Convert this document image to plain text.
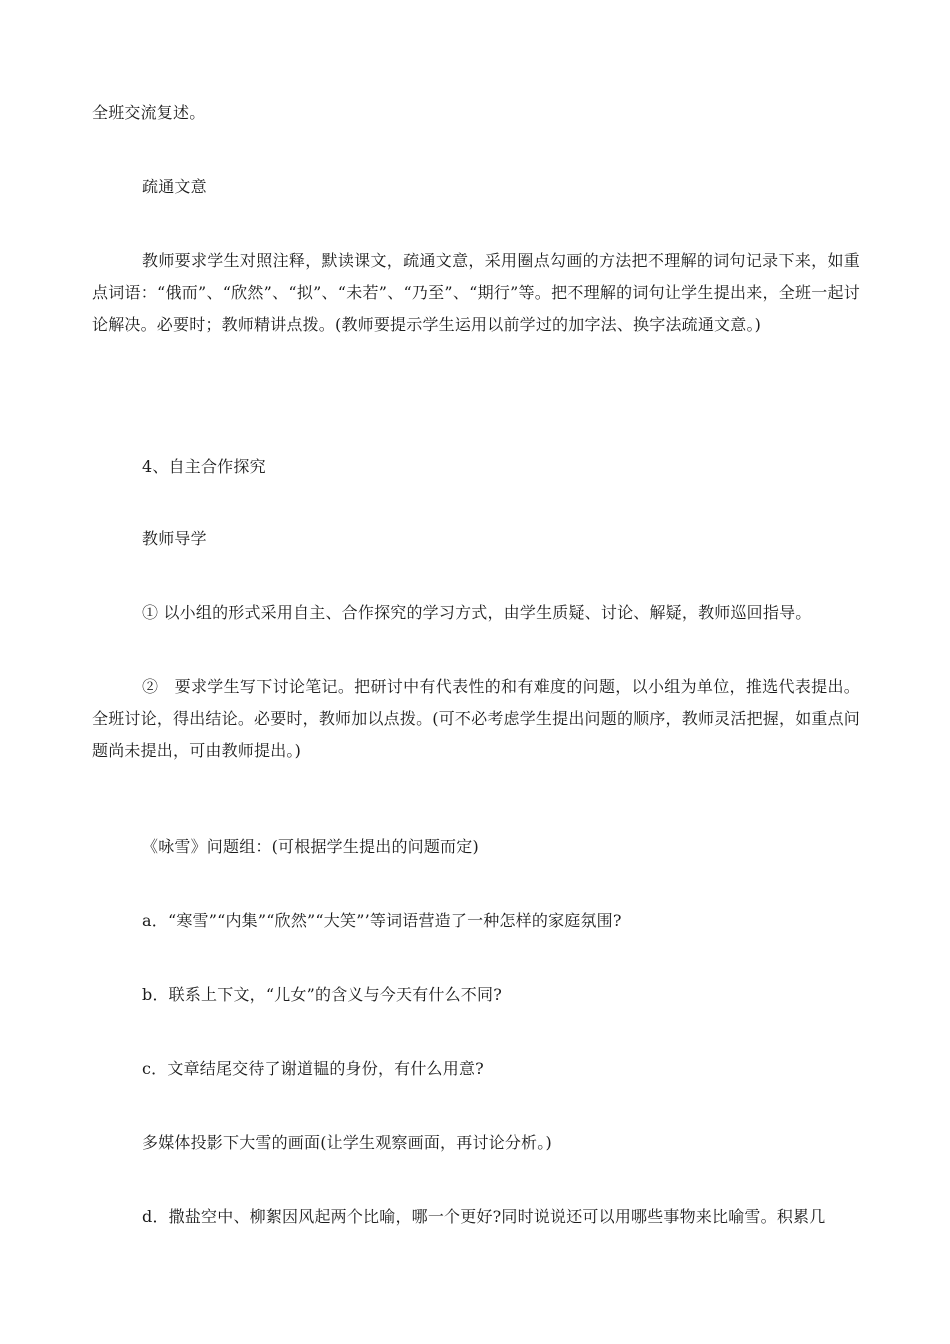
全班交流复述。

疏通文意

教师要求学生对照注释，默读课文，疏通文意，采用圈点勾画的方法把不理解的词句记录下来，如重点词语：“俄而”、“欣然”、“拟”、“未若”、“乃至”、“期行”等。把不理解的词句让学生提出来，全班一起讨论解决。必要时；教师精讲点拨。(教师要提示学生运用以前学过的加字法、换字法疏通文意。)

4、自主合作探究

教师导学

① 以小组的形式采用自主、合作探究的学习方式，由学生质疑、讨论、解疑，教师巡回指导。

②　要求学生写下讨论笔记。把研讨中有代表性的和有难度的问题，以小组为单位，推选代表提出。全班讨论，得出结论。必要时，教师加以点拨。(可不必考虑学生提出问题的顺序，教师灵活把握，如重点问题尚未提出，可由教师提出。)

《咏雪》问题组：(可根据学生提出的问题而定)

a．“寒雪”“内集”“欣然”“大笑”’等词语营造了一种怎样的家庭氛围?

b．联系上下文，“儿女”的含义与今天有什么不同?

c．文章结尾交待了谢道韫的身份，有什么用意?

多媒体投影下大雪的画面(让学生观察画面，再讨论分析。)

d．撒盐空中、柳絮因风起两个比喻，哪一个更好?同时说说还可以用哪些事物来比喻雪。积累几
